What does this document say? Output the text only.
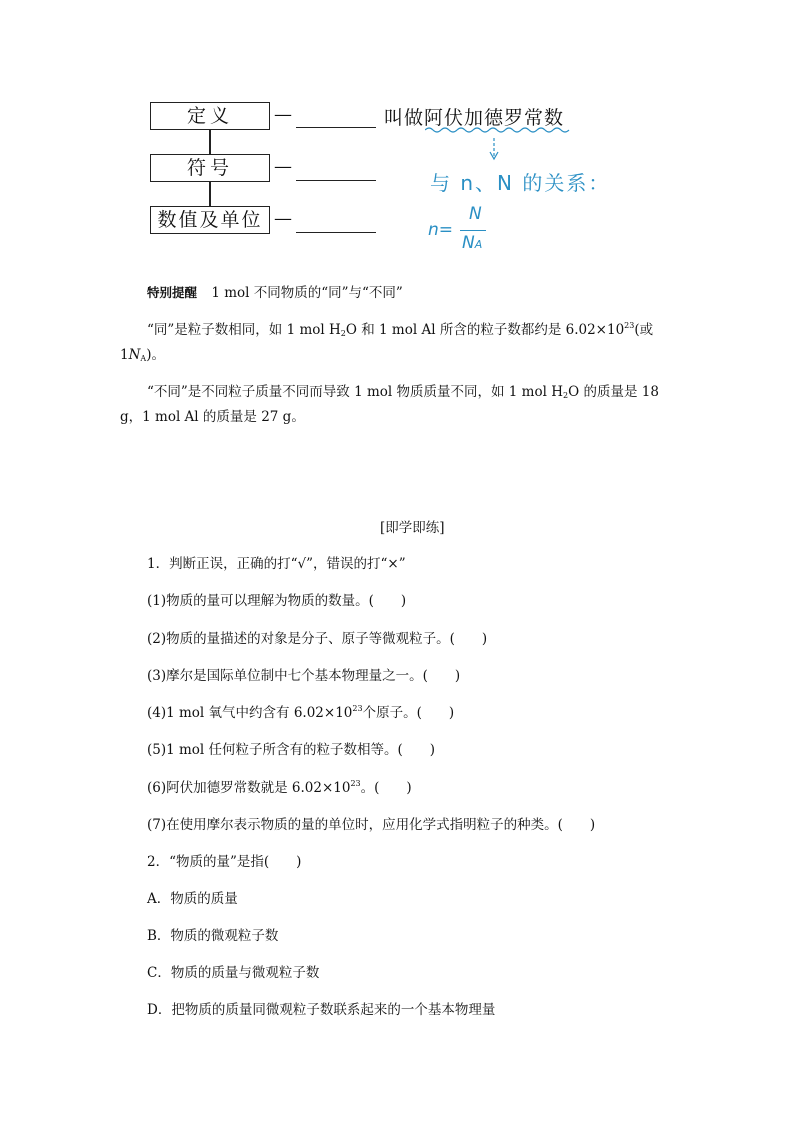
定义
符号
数值及单位
—
—
—
叫做阿伏加德罗常数
与 n、N 的关系：
n=
N
NA
特别提醒 1 mol 不同物质的“同”与“不同”
“同”是粒子数相同，如 1 mol $H_2O$ 和 1 mol Al 所含的粒子数都约是 $6.02\times 10^{23}$(或
$1N_A$)。
“不同”是不同粒子质量不同而导致 1 mol 物质质量不同，如 1 mol $H_2O$ 的质量是 18
g，1 mol Al 的质量是 27 g。
[即学即练]
1．判断正误，正确的打“√”，错误的打“×”
(1)物质的量可以理解为物质的数量。(　　)
(2)物质的量描述的对象是分子、原子等微观粒子。(　　)
(3)摩尔是国际单位制中七个基本物理量之一。(　　)
(4)1 mol 氧气中约含有 $6.02\times 10^{23}$个原子。(　　)
(5)1 mol 任何粒子所含有的粒子数相等。(　　)
(6)阿伏加德罗常数就是 $6.02\times 10^{23}$。(　　)
(7)在使用摩尔表示物质的量的单位时，应用化学式指明粒子的种类。(　　)
2．“物质的量”是指(　　)
A．物质的质量
B．物质的微观粒子数
C．物质的质量与微观粒子数
D．把物质的质量同微观粒子数联系起来的一个基本物理量
